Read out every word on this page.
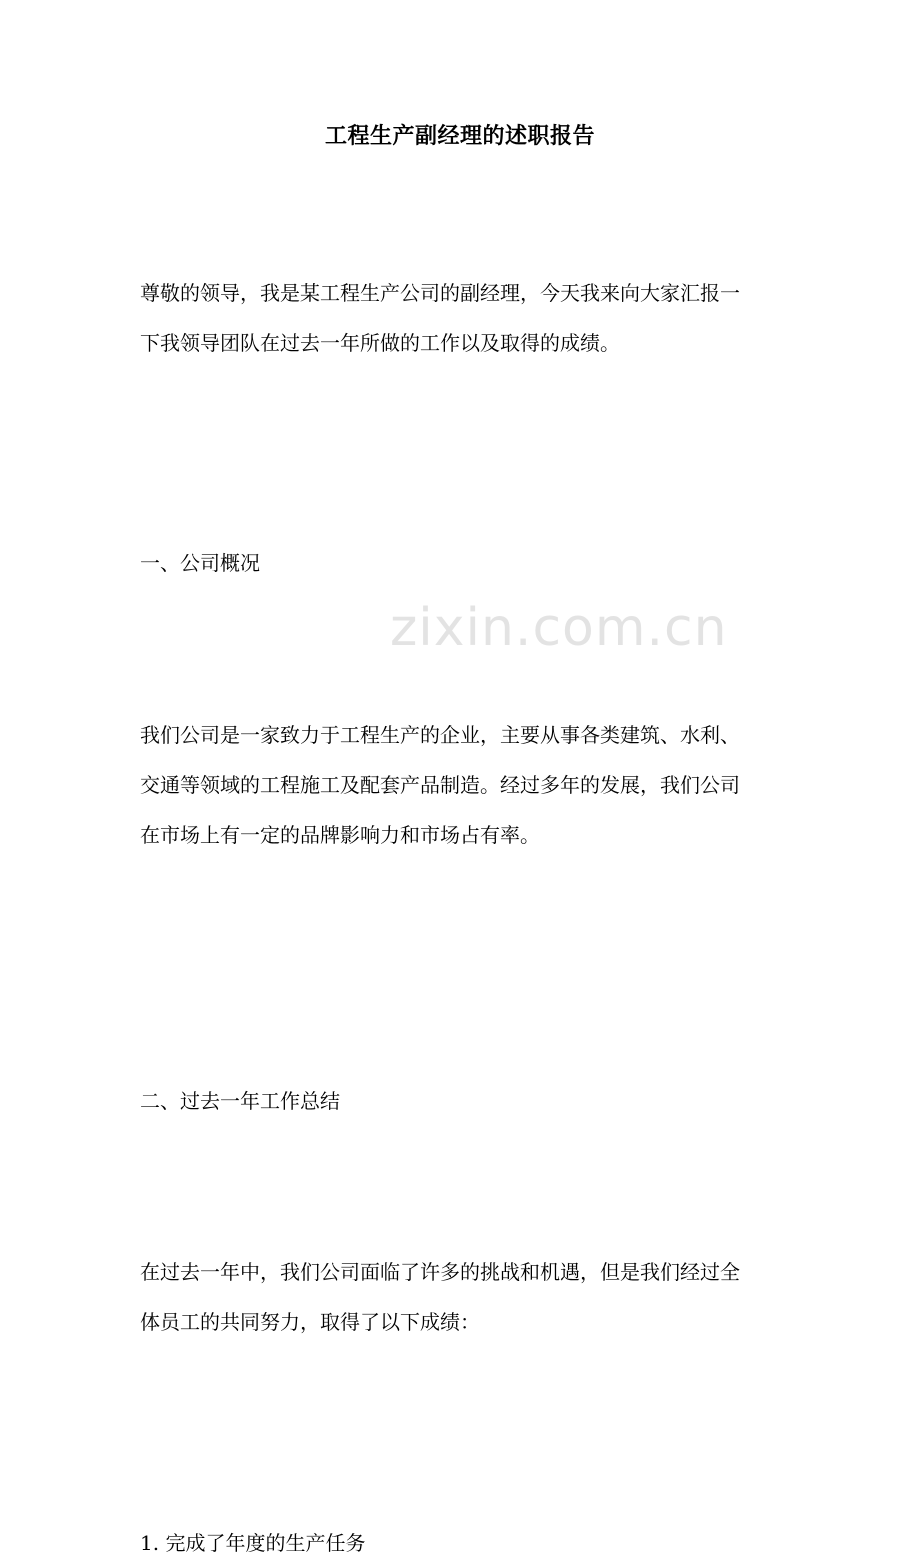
zixin.com.cn
工程生产副经理的述职报告

尊敬的领导，我是某工程生产公司的副经理，今天我来向大家汇报一
下我领导团队在过去一年所做的工作以及取得的成绩。

一、公司概况

我们公司是一家致力于工程生产的企业，主要从事各类建筑、水利、
交通等领域的工程施工及配套产品制造。经过多年的发展，我们公司
在市场上有一定的品牌影响力和市场占有率。

二、过去一年工作总结

在过去一年中，我们公司面临了许多的挑战和机遇，但是我们经过全
体员工的共同努力，取得了以下成绩：

1. 完成了年度的生产任务
